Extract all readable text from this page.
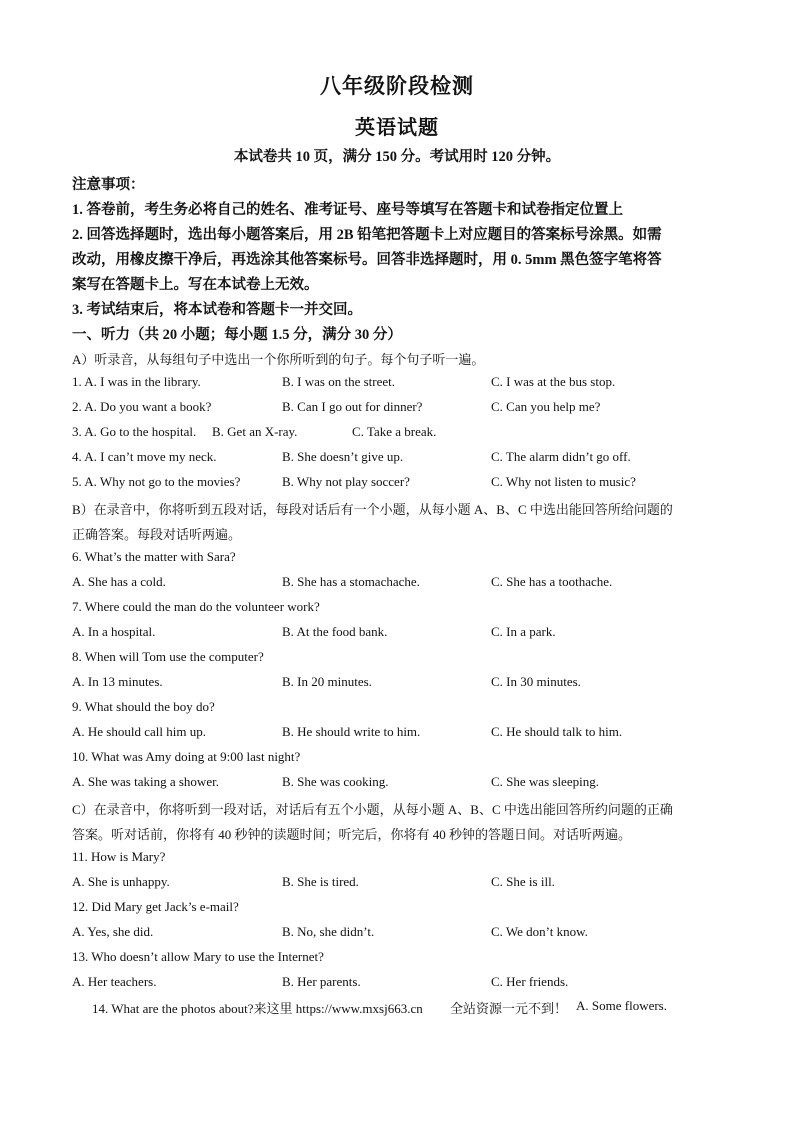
八年级阶段检测
英语试题
本试卷共 10 页，满分 150 分。考试用时 120 分钟。
注意事项：
1. 答卷前，考生务必将自己的姓名、准考证号、座号等填写在答题卡和试卷指定位置上
2. 回答选择题时，选出每小题答案后，用 2B 铅笔把答题卡上对应题目的答案标号涂黑。如需
改动，用橡皮擦干净后，再选涂其他答案标号。回答非选择题时，用 0. 5mm 黑色签字笔将答
案写在答题卡上。写在本试卷上无效。
3. 考试结束后，将本试卷和答题卡一并交回。
一、听力（共 20 小题；每小题 1.5 分，满分 30 分）
A）听录音，从每组句子中选出一个你所听到的句子。每个句子听一遍。
1. A. I was in the library.	B. I was on the street.	C. I was at the bus stop.
2. A. Do you want a book?	B. Can I go out for dinner?	C. Can you help me?
3. A. Go to the hospital. B. Get an X-ray.	C. Take a break.
4. A. I can’t move my neck.	B. She doesn’t give up.	C. The alarm didn’t go off.
5. A. Why not go to the movies?	B. Why not play soccer?	C. Why not listen to music?
B）在录音中，你将听到五段对话，每段对话后有一个小题，从每小题 A、B、C 中选出能回答所给问题的
正确答案。每段对话听两遍。
6. What’s the matter with Sara?
A. She has a cold.	B. She has a stomachache.	C. She has a toothache.
7. Where could the man do the volunteer work?
A. In a hospital.	B. At the food bank.	C. In a park.
8. When will Tom use the computer?
A. In 13 minutes.	B. In 20 minutes.	C. In 30 minutes.
9. What should the boy do?
A. He should call him up.	B. He should write to him.	C. He should talk to him.
10. What was Amy doing at 9:00 last night?
A. She was taking a shower.	B. She was cooking.	C. She was sleeping.
C）在录音中，你将听到一段对话，对话后有五个小题，从每小题 A、B、C 中选出能回答所约问题的正确
答案。听对话前，你将有 40 秒钟的读题时间；听完后，你将有 40 秒钟的答题日间。对话听两遍。
11. How is Mary?
A. She is unhappy.	B. She is tired.	C. She is ill.
12. Did Mary get Jack’s e-mail?
A. Yes, she did.	B. No, she didn’t.	C. We don’t know.
13. Who doesn’t allow Mary to use the Internet?
A. Her teachers.	B. Her parents.	C. Her friends.
14. What are the photos about?来这里 https://www.mxsj663.cn 全站资源一元不到！ A. Some flowers.
